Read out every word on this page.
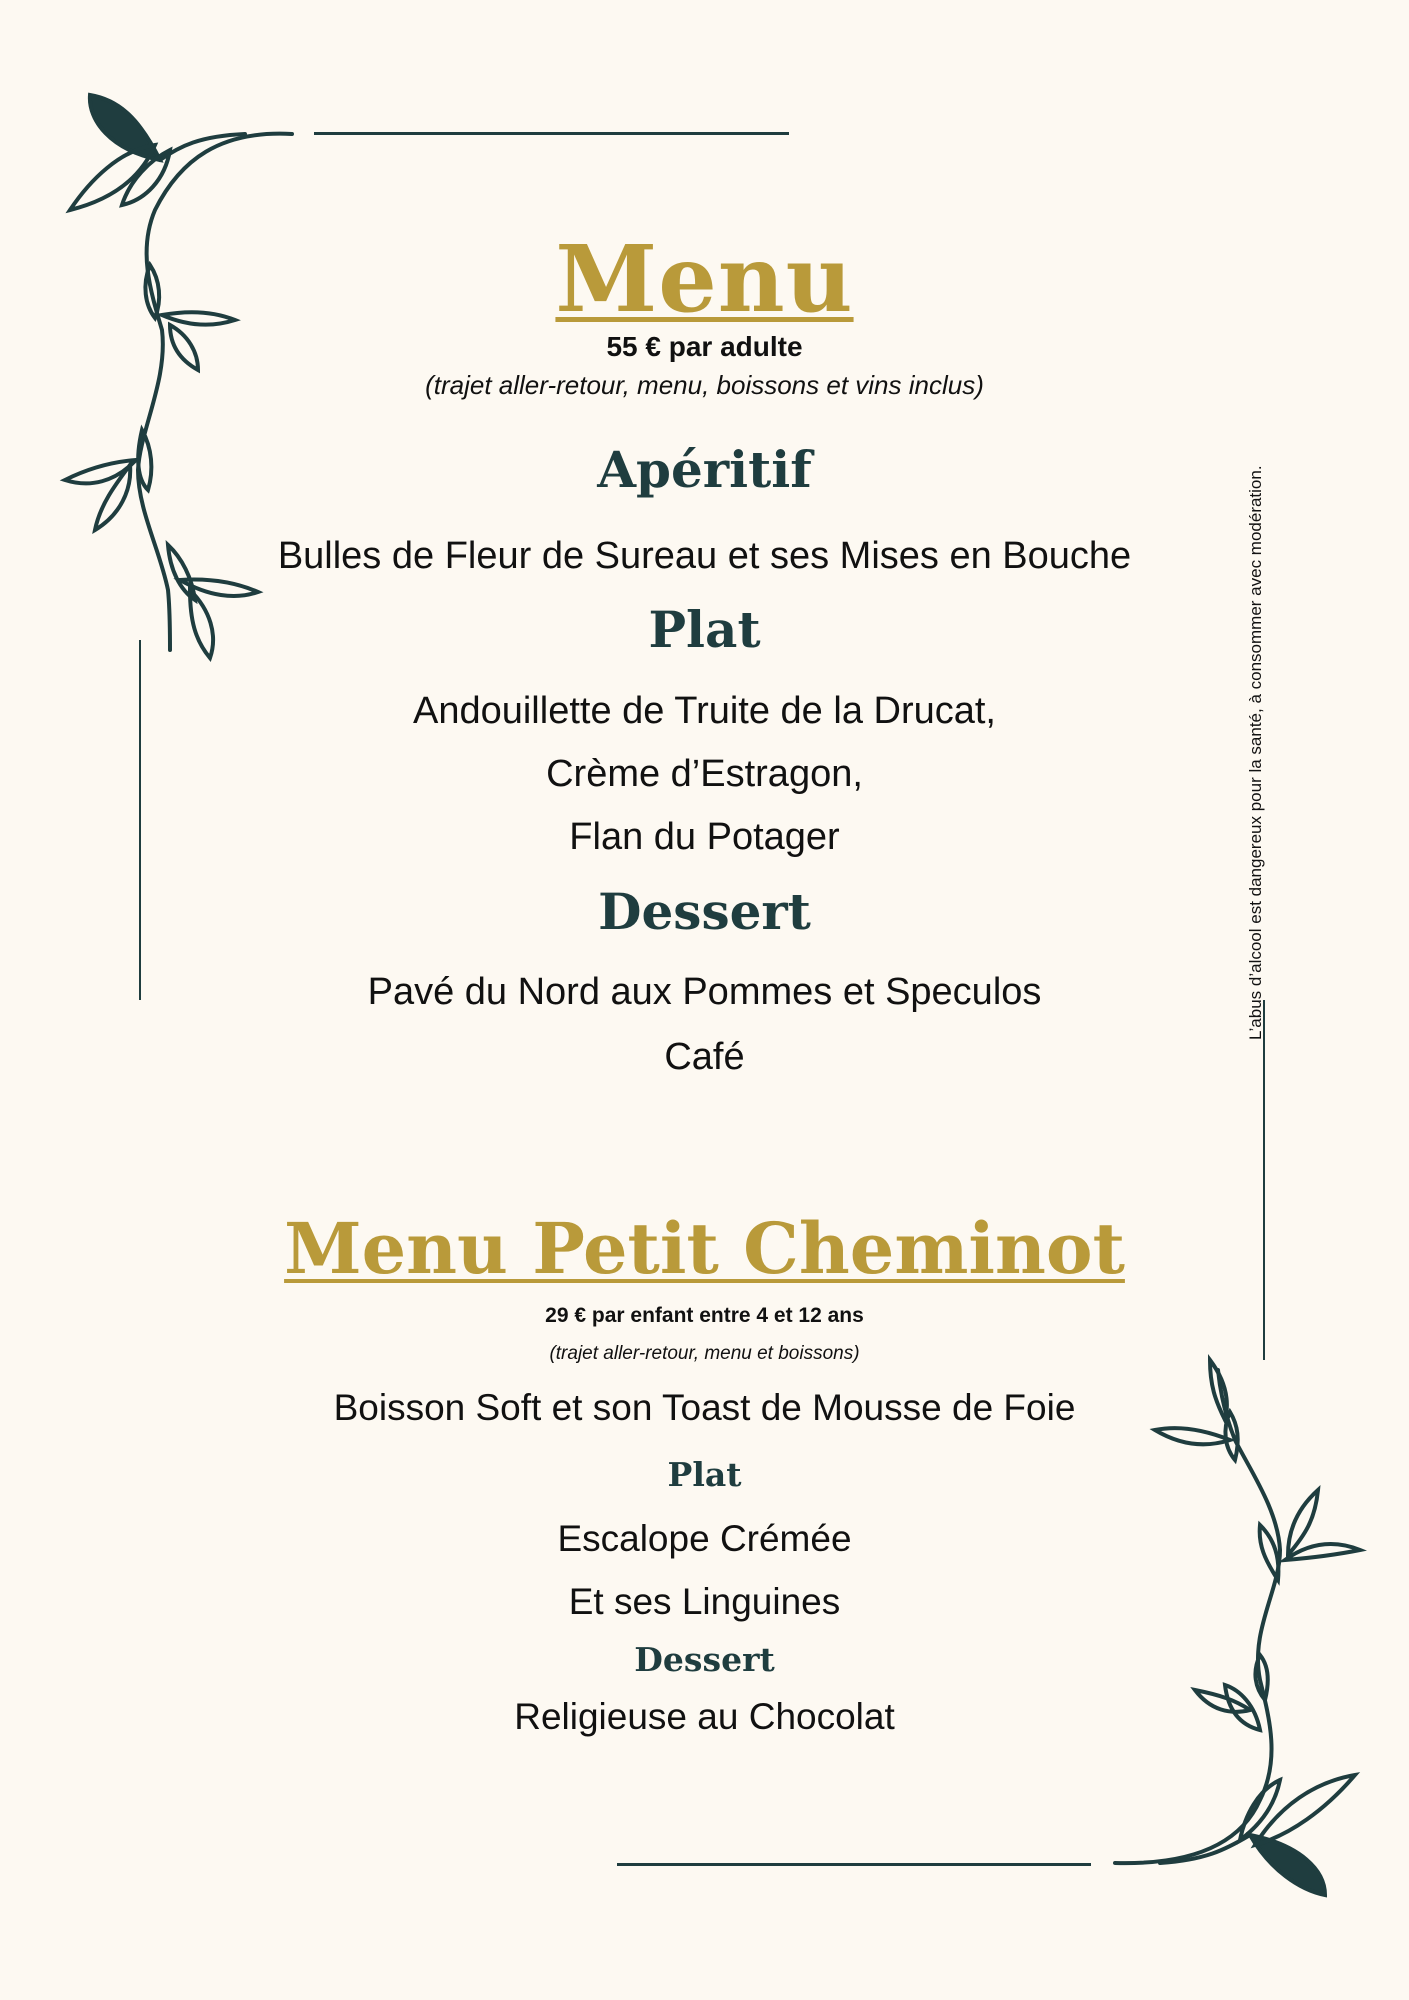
L’abus d’alcool est dangereux pour la santé, à consommer avec modération.
Menu
55 € par adulte
(trajet aller-retour, menu, boissons et vins inclus)
Apéritif
Bulles de Fleur de Sureau et ses Mises en Bouche
Plat
Andouillette de Truite de la Drucat,
Crème d’Estragon,
Flan du Potager
Dessert
Pavé du Nord aux Pommes et Speculos
Café
Menu Petit Cheminot
29 € par enfant entre 4 et 12 ans
(trajet aller-retour, menu et boissons)
Boisson Soft et son Toast de Mousse de Foie
Plat
Escalope Crémée
Et ses Linguines
Dessert
Religieuse au Chocolat
